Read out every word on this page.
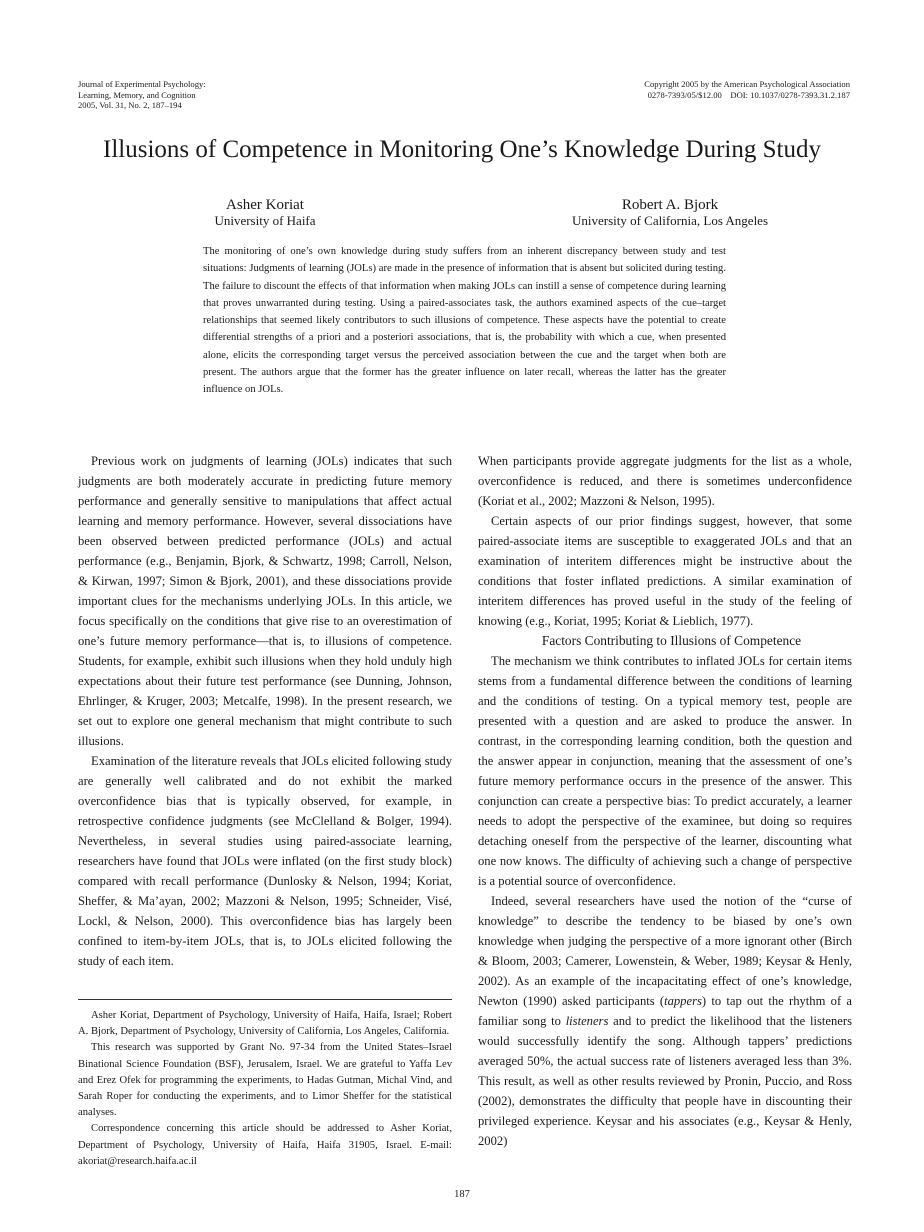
Journal of Experimental Psychology:
Learning, Memory, and Cognition
2005, Vol. 31, No. 2, 187–194
Copyright 2005 by the American Psychological Association
0278-7393/05/$12.00    DOI: 10.1037/0278-7393.31.2.187
Illusions of Competence in Monitoring One’s Knowledge During Study
Asher Koriat
University of Haifa
Robert A. Bjork
University of California, Los Angeles
The monitoring of one’s own knowledge during study suffers from an inherent discrepancy between study and test situations: Judgments of learning (JOLs) are made in the presence of information that is absent but solicited during testing. The failure to discount the effects of that information when making JOLs can instill a sense of competence during learning that proves unwarranted during testing. Using a paired-associates task, the authors examined aspects of the cue–target relationships that seemed likely contributors to such illusions of competence. These aspects have the potential to create differential strengths of a priori and a posteriori associations, that is, the probability with which a cue, when presented alone, elicits the corresponding target versus the perceived association between the cue and the target when both are present. The authors argue that the former has the greater influence on later recall, whereas the latter has the greater influence on JOLs.

Previous work on judgments of learning (JOLs) indicates that such judgments are both moderately accurate in predicting future memory performance and generally sensitive to manipulations that affect actual learning and memory performance. However, several dissociations have been observed between predicted performance (JOLs) and actual performance (e.g., Benjamin, Bjork, & Schwartz, 1998; Carroll, Nelson, & Kirwan, 1997; Simon & Bjork, 2001), and these dissociations provide important clues for the mechanisms underlying JOLs. In this article, we focus specifically on the conditions that give rise to an overestimation of one’s future memory performance—that is, to illusions of competence. Students, for example, exhibit such illusions when they hold unduly high expectations about their future test performance (see Dunning, Johnson, Ehrlinger, & Kruger, 2003; Metcalfe, 1998). In the present research, we set out to explore one general mechanism that might contribute to such illusions.

Examination of the literature reveals that JOLs elicited following study are generally well calibrated and do not exhibit the marked overconfidence bias that is typically observed, for example, in retrospective confidence judgments (see McClelland & Bolger, 1994). Nevertheless, in several studies using paired-associate learning, researchers have found that JOLs were inflated (on the first study block) compared with recall performance (Dunlosky & Nelson, 1994; Koriat, Sheffer, & Ma’ayan, 2002; Mazzoni & Nelson, 1995; Schneider, Visé, Lockl, & Nelson, 2000). This overconfidence bias has largely been confined to item-by-item JOLs, that is, to JOLs elicited following the study of each item.

Asher Koriat, Department of Psychology, University of Haifa, Haifa, Israel; Robert A. Bjork, Department of Psychology, University of California, Los Angeles, California.

This research was supported by Grant No. 97-34 from the United States–Israel Binational Science Foundation (BSF), Jerusalem, Israel. We are grateful to Yaffa Lev and Erez Ofek for programming the experiments, to Hadas Gutman, Michal Vind, and Sarah Roper for conducting the experiments, and to Limor Sheffer for the statistical analyses.

Correspondence concerning this article should be addressed to Asher Koriat, Department of Psychology, University of Haifa, Haifa 31905, Israel. E-mail: akoriat@research.haifa.ac.il

When participants provide aggregate judgments for the list as a whole, overconfidence is reduced, and there is sometimes underconfidence (Koriat et al., 2002; Mazzoni & Nelson, 1995).

Certain aspects of our prior findings suggest, however, that some paired-associate items are susceptible to exaggerated JOLs and that an examination of interitem differences might be instructive about the conditions that foster inflated predictions. A similar examination of interitem differences has proved useful in the study of the feeling of knowing (e.g., Koriat, 1995; Koriat & Lieblich, 1977).

Factors Contributing to Illusions of Competence

The mechanism we think contributes to inflated JOLs for certain items stems from a fundamental difference between the conditions of learning and the conditions of testing. On a typical memory test, people are presented with a question and are asked to produce the answer. In contrast, in the corresponding learning condition, both the question and the answer appear in conjunction, meaning that the assessment of one’s future memory performance occurs in the presence of the answer. This conjunction can create a perspective bias: To predict accurately, a learner needs to adopt the perspective of the examinee, but doing so requires detaching oneself from the perspective of the learner, discounting what one now knows. The difficulty of achieving such a change of perspective is a potential source of overconfidence.

Indeed, several researchers have used the notion of the “curse of knowledge” to describe the tendency to be biased by one’s own knowledge when judging the perspective of a more ignorant other (Birch & Bloom, 2003; Camerer, Lowenstein, & Weber, 1989; Keysar & Henly, 2002). As an example of the incapacitating effect of one’s knowledge, Newton (1990) asked participants (tappers) to tap out the rhythm of a familiar song to listeners and to predict the likelihood that the listeners would successfully identify the song. Although tappers’ predictions averaged 50%, the actual success rate of listeners averaged less than 3%. This result, as well as other results reviewed by Pronin, Puccio, and Ross (2002), demonstrates the difficulty that people have in discounting their privileged experience. Keysar and his associates (e.g., Keysar & Henly, 2002)

187
